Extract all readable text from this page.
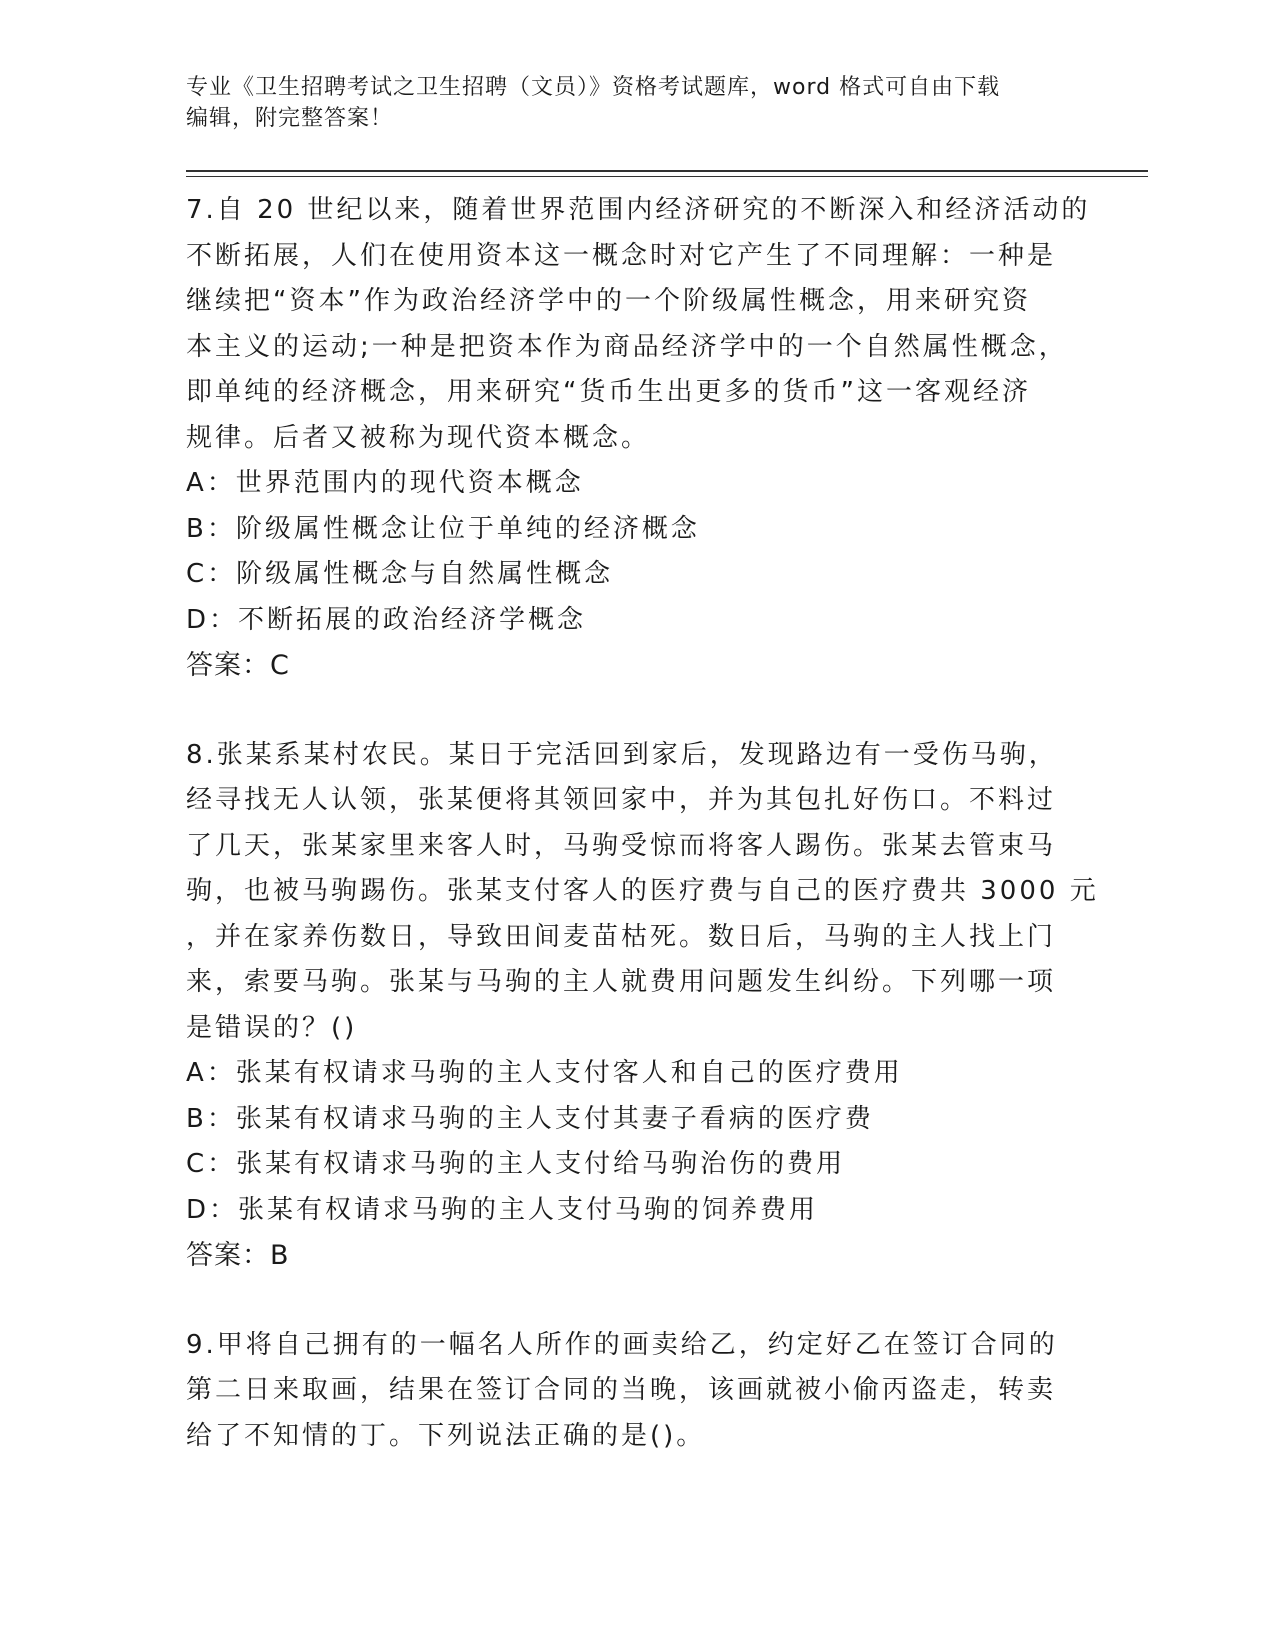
专业《卫生招聘考试之卫生招聘（文员）》资格考试题库，word 格式可自由下载
编辑，附完整答案！
7.自 20 世纪以来，随着世界范围内经济研究的不断深入和经济活动的
不断拓展，人们在使用资本这一概念时对它产生了不同理解：一种是
继续把“资本”作为政治经济学中的一个阶级属性概念，用来研究资
本主义的运动;一种是把资本作为商品经济学中的一个自然属性概念，
即单纯的经济概念，用来研究“货币生出更多的货币”这一客观经济
规律。后者又被称为现代资本概念。
A：世界范围内的现代资本概念
B：阶级属性概念让位于单纯的经济概念
C：阶级属性概念与自然属性概念
D：不断拓展的政治经济学概念
答案：C
8.张某系某村农民。某日于完活回到家后，发现路边有一受伤马驹，
经寻找无人认领，张某便将其领回家中，并为其包扎好伤口。不料过
了几天，张某家里来客人时，马驹受惊而将客人踢伤。张某去管束马
驹，也被马驹踢伤。张某支付客人的医疗费与自己的医疗费共 3000 元
，并在家养伤数日，导致田间麦苗枯死。数日后，马驹的主人找上门
来，索要马驹。张某与马驹的主人就费用问题发生纠纷。下列哪一项
是错误的？()
A：张某有权请求马驹的主人支付客人和自己的医疗费用
B：张某有权请求马驹的主人支付其妻子看病的医疗费
C：张某有权请求马驹的主人支付给马驹治伤的费用
D：张某有权请求马驹的主人支付马驹的饲养费用
答案：B
9.甲将自己拥有的一幅名人所作的画卖给乙，约定好乙在签订合同的
第二日来取画，结果在签订合同的当晚，该画就被小偷丙盗走，转卖
给了不知情的丁。下列说法正确的是()。
